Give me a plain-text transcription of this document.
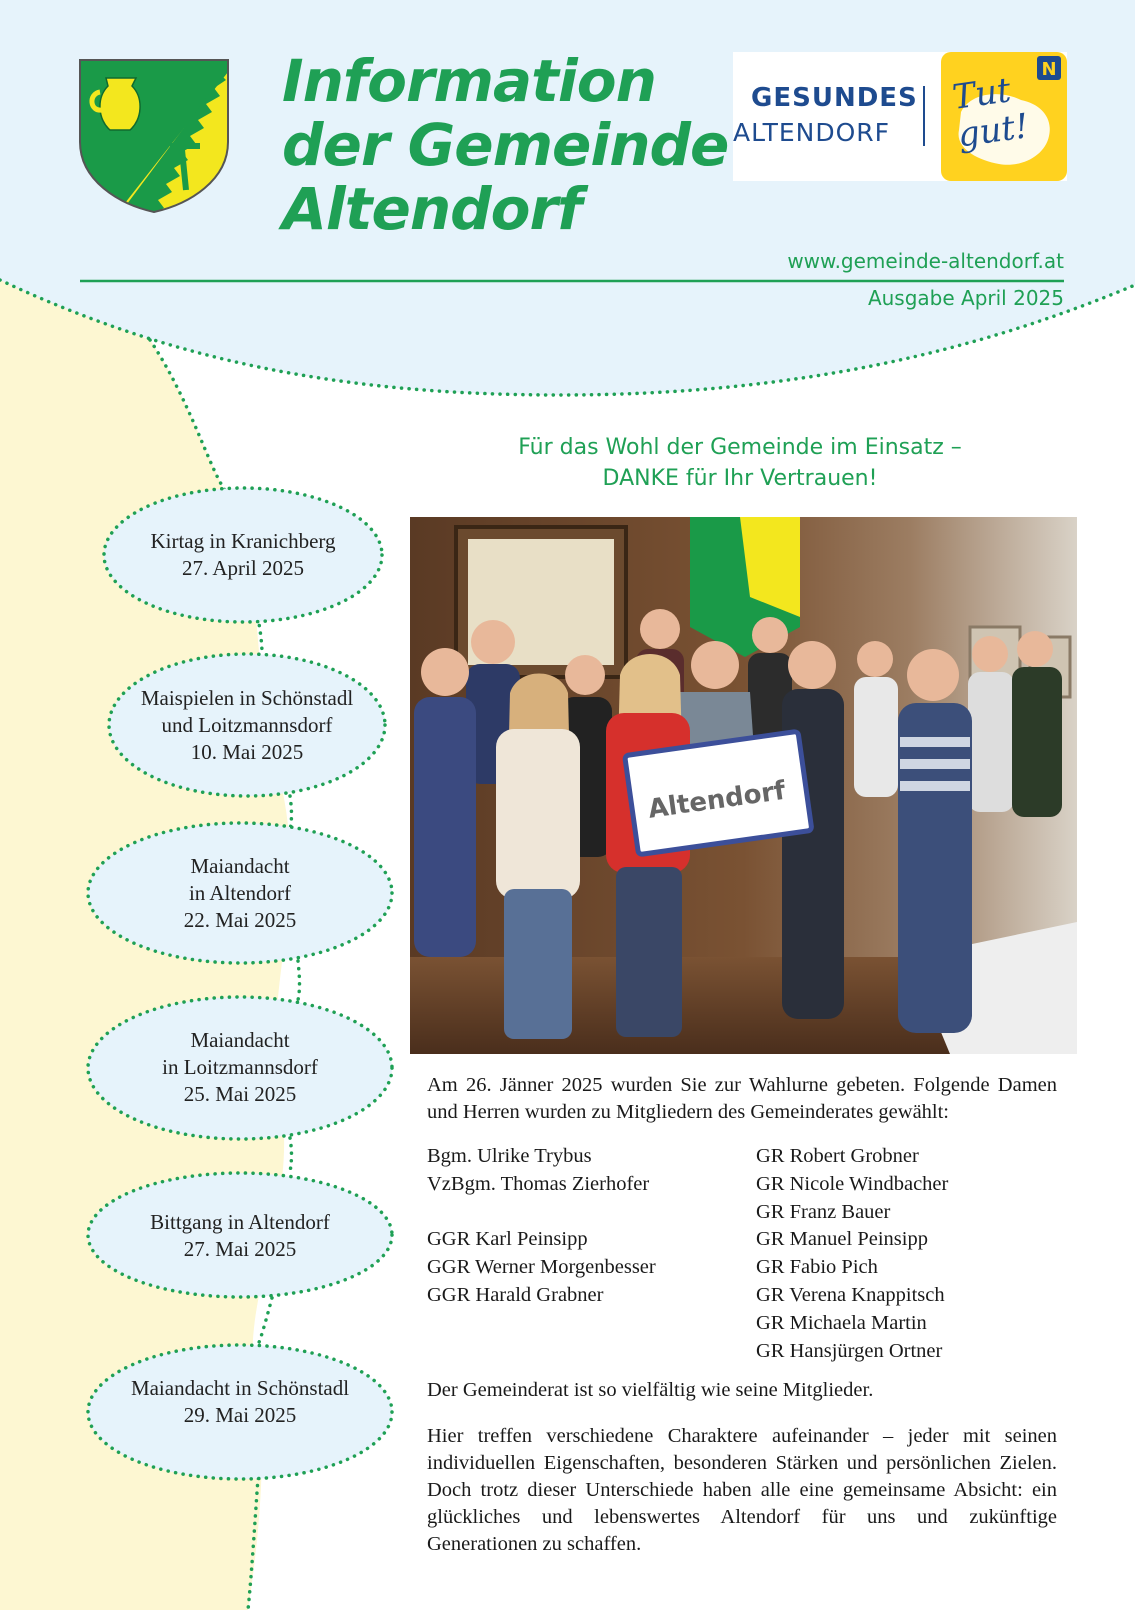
Information
der Gemeinde
Altendorf
GESUNDES
ALTENDORF
N
Tut gut!
www.gemeinde-altendorf.at
Ausgabe April 2025
Für das Wohl der Gemeinde im Einsatz –
DANKE für Ihr Vertrauen!
Altendorf
Kirtag in Kranichberg
27. April 2025
Maispielen in Schönstadl
und Loitzmannsdorf
10. Mai 2025
Maiandacht
in Altendorf
22. Mai 2025
Maiandacht
in Loitzmannsdorf
25. Mai 2025
Bittgang in Altendorf
27. Mai 2025
Maiandacht in Schönstadl
29. Mai 2025
Am 26. Jänner 2025 wurden Sie zur Wahlurne gebeten. Folgende Damen und Herren wurden zu Mitgliedern des Gemeinderates gewählt:
Bgm. Ulrike Trybus
VzBgm. Thomas Zierhofer
GGR Karl Peinsipp
GGR Werner Morgenbesser
GGR Harald Grabner
GR Robert Grobner
GR Nicole Windbacher
GR Franz Bauer
GR Manuel Peinsipp
GR Fabio Pich
GR Verena Knappitsch
GR Michaela Martin
GR Hansjürgen Ortner
Der Gemeinderat ist so vielfältig wie seine Mitglieder.
Hier treffen verschiedene Charaktere aufeinander – jeder mit seinen individuellen Eigenschaften, besonderen Stärken und persönlichen Zielen. Doch trotz dieser Unterschiede haben alle eine gemeinsame Absicht: ein glückliches und lebenswertes Altendorf für uns und zukünftige Generationen zu schaffen.
